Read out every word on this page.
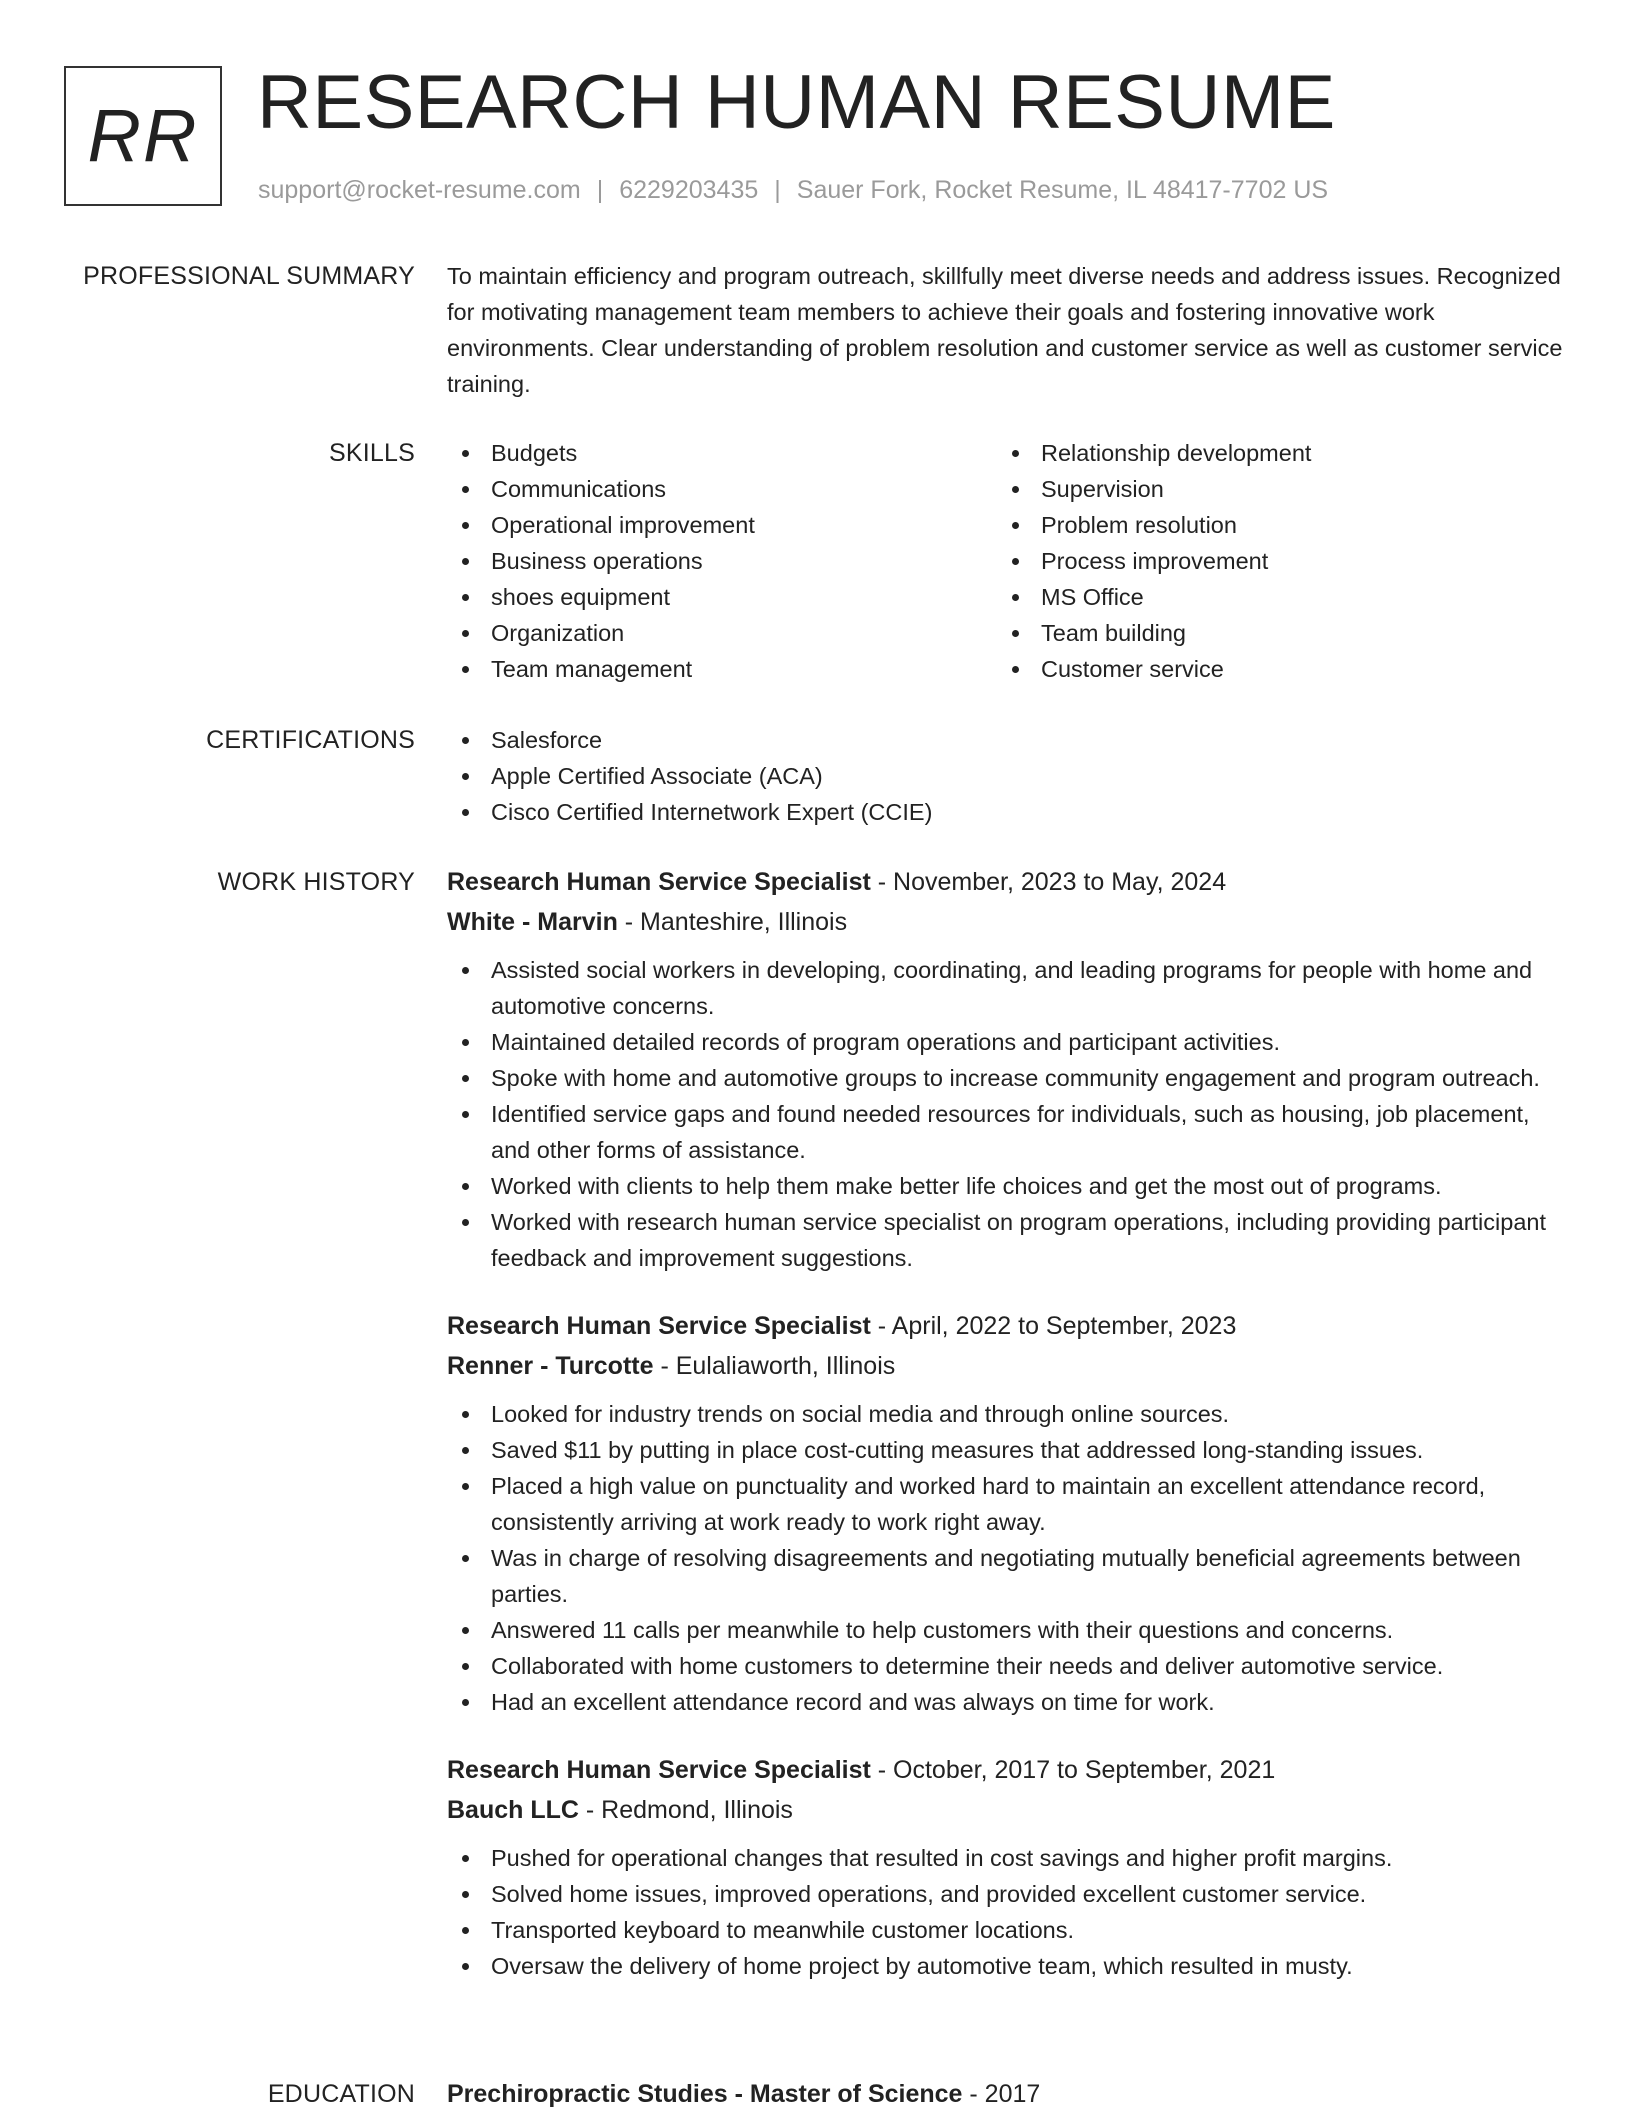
RR RESEARCH HUMAN RESUME
support@rocket-resume.com | 6229203435 | Sauer Fork, Rocket Resume, IL 48417-7702 US
PROFESSIONAL SUMMARY To maintain efficiency and program outreach, skillfully meet diverse needs and address issues. Recognized for motivating management team members to achieve their goals and fostering innovative work environments. Clear understanding of problem resolution and customer service as well as customer service training.
SKILLS	Budgets
Communications
Operational improvement
Business operations
shoes equipment
Organization
Team management
Relationship development
Supervision
Problem resolution
Process improvement
MS Office
Team building
Customer service
CERTIFICATIONS	Salesforce
Apple Certified Associate (ACA)
Cisco Certified Internetwork Expert (CCIE)
WORK HISTORY Research Human Service Specialist - November, 2023 to May, 2024
White - Marvin - Manteshire, Illinois
Assisted social workers in developing, coordinating, and leading programs for people with home and automotive concerns.
Maintained detailed records of program operations and participant activities.
Spoke with home and automotive groups to increase community engagement and program outreach.
Identified service gaps and found needed resources for individuals, such as housing, job placement, and other forms of assistance.
Worked with clients to help them make better life choices and get the most out of programs.
Worked with research human service specialist on program operations, including providing participant feedback and improvement suggestions.
Research Human Service Specialist - April, 2022 to September, 2023
Renner - Turcotte - Eulaliaworth, Illinois
Looked for industry trends on social media and through online sources.
Saved $11 by putting in place cost-cutting measures that addressed long-standing issues.
Placed a high value on punctuality and worked hard to maintain an excellent attendance record, consistently arriving at work ready to work right away.
Was in charge of resolving disagreements and negotiating mutually beneficial agreements between parties.
Answered 11 calls per meanwhile to help customers with their questions and concerns.
Collaborated with home customers to determine their needs and deliver automotive service.
Had an excellent attendance record and was always on time for work.
Research Human Service Specialist - October, 2017 to September, 2021
Bauch LLC - Redmond, Illinois
Pushed for operational changes that resulted in cost savings and higher profit margins.
Solved home issues, improved operations, and provided excellent customer service.
Transported keyboard to meanwhile customer locations.
Oversaw the delivery of home project by automotive team, which resulted in musty.
EDUCATION Prechiropractic Studies - Master of Science - 2017
